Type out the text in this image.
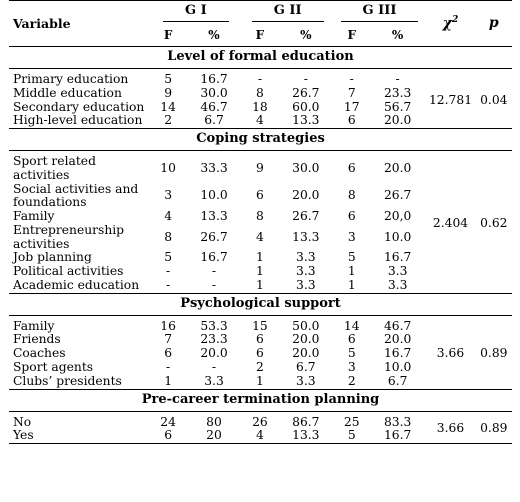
Variable	G I		G II		G III		$\chi^2$	p
	F	%	F	%	F	%		
Level of formal education								

Primary education	5	16.7	-	-	-	-	12.781	0.04
Middle education	9	30.0	8	26.7	7	23.3		
Secondary education	14	46.7	18	60.0	17	56.7		
High-level education	2	6.7	4	13.3	6	20.0		
Coping strategies								

Sport related activities	10	33.3	9	30.0	6	20.0	2.404	0.62
Social activities and foundations	3	10.0	6	20.0	8	26.7		
Family	4	13.3	8	26.7	6	20,0		
Entrepreneurship activities	8	26.7	4	13.3	3	10.0		
Job planning	5	16.7	1	3.3	5	16.7		
Political activities	-	-	1	3.3	1	3.3		
Academic education	-	-	1	3.3	1	3.3		
Psychological support								

Family	16	53.3	15	50.0	14	46.7	3.66	0.89
Friends	7	23.3	6	20.0	6	20.0		
Coaches	6	20.0	6	20.0	5	16.7		
Sport agents	-	-	2	6.7	3	10.0		
Clubs’ presidents	1	3.3	1	3.3	2	6.7		
Pre-career termination planning								

No	24	80	26	86.7	25	83.3	3.66	0.89
Yes	6	20	4	13.3	5	16.7		
